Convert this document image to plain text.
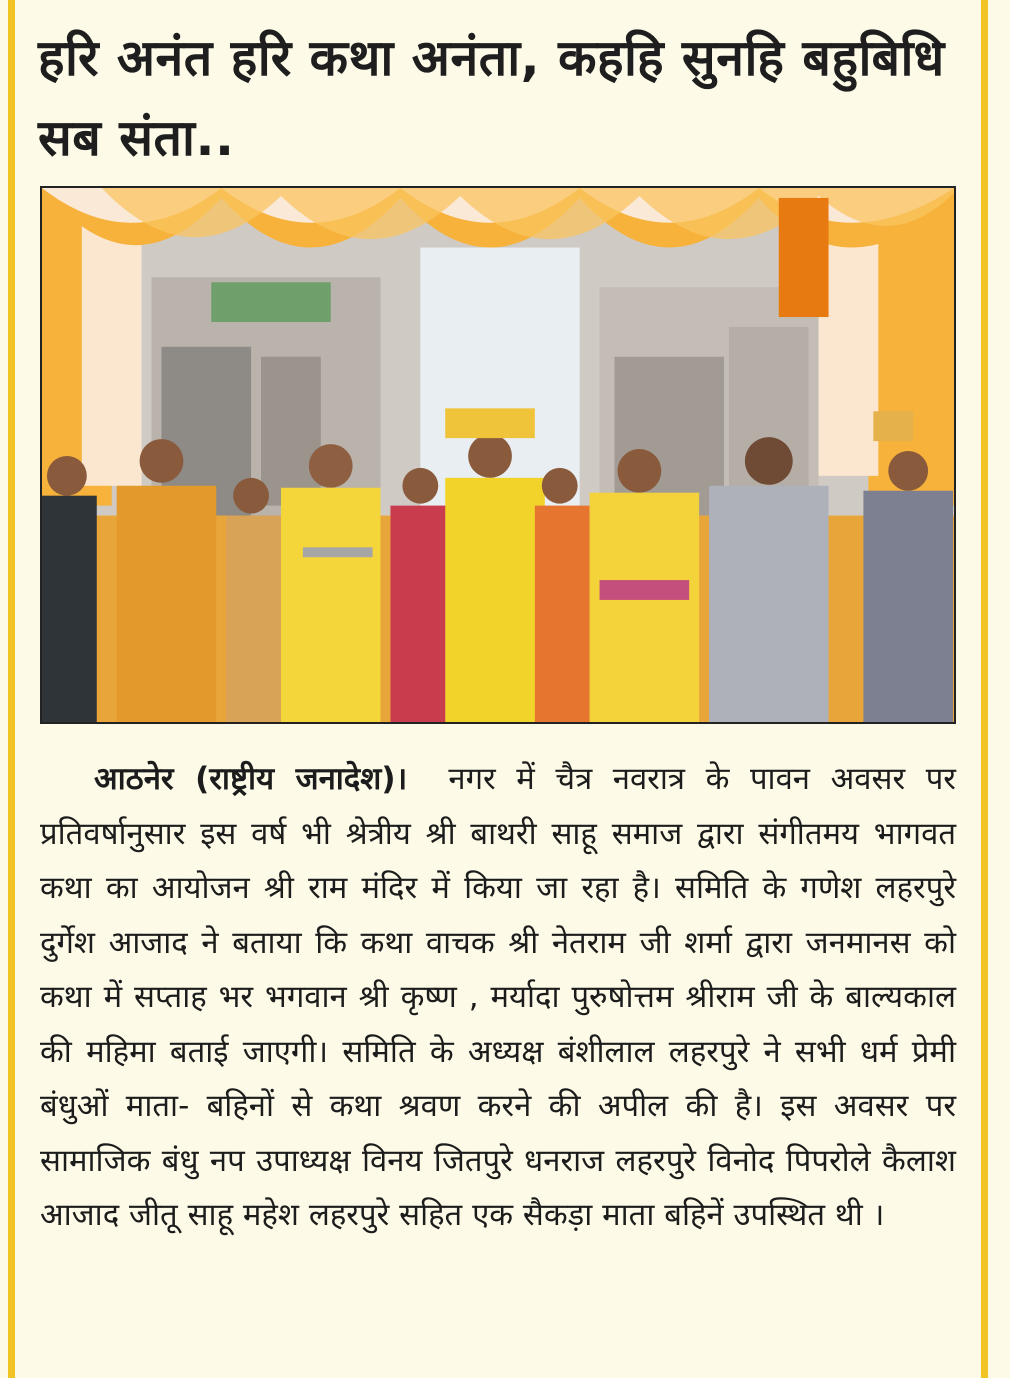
हरि अनंत हरि कथा अनंता, कहहि सुनहि बहुबिधि सब संता..

आठनेर (राष्ट्रीय जनादेश)। नगर में चैत्र नवरात्र के पावन अवसर पर प्रतिवर्षानुसार इस वर्ष भी श्रेत्रीय श्री बाथरी साहू समाज द्वारा संगीतमय भागवत कथा का आयोजन श्री राम मंदिर में किया जा रहा है। समिति के गणेश लहरपुरे दुर्गेश आजाद ने बताया कि कथा वाचक श्री नेतराम जी शर्मा द्वारा जनमानस को कथा में सप्ताह भर भगवान श्री कृष्ण , मर्यादा पुरुषोत्तम श्रीराम जी के बाल्यकाल की महिमा बताई जाएगी। समिति के अध्यक्ष बंशीलाल लहरपुरे ने सभी धर्म प्रेमी बंधुओं माता- बहिनों से कथा श्रवण करने की अपील की है। इस अवसर पर सामाजिक बंधु नप उपाध्यक्ष विनय जितपुरे धनराज लहरपुरे विनोद पिपरोले कैलाश आजाद जीतू साहू महेश लहरपुरे सहित एक सैकड़ा माता बहिनें उपस्थित थी ।
